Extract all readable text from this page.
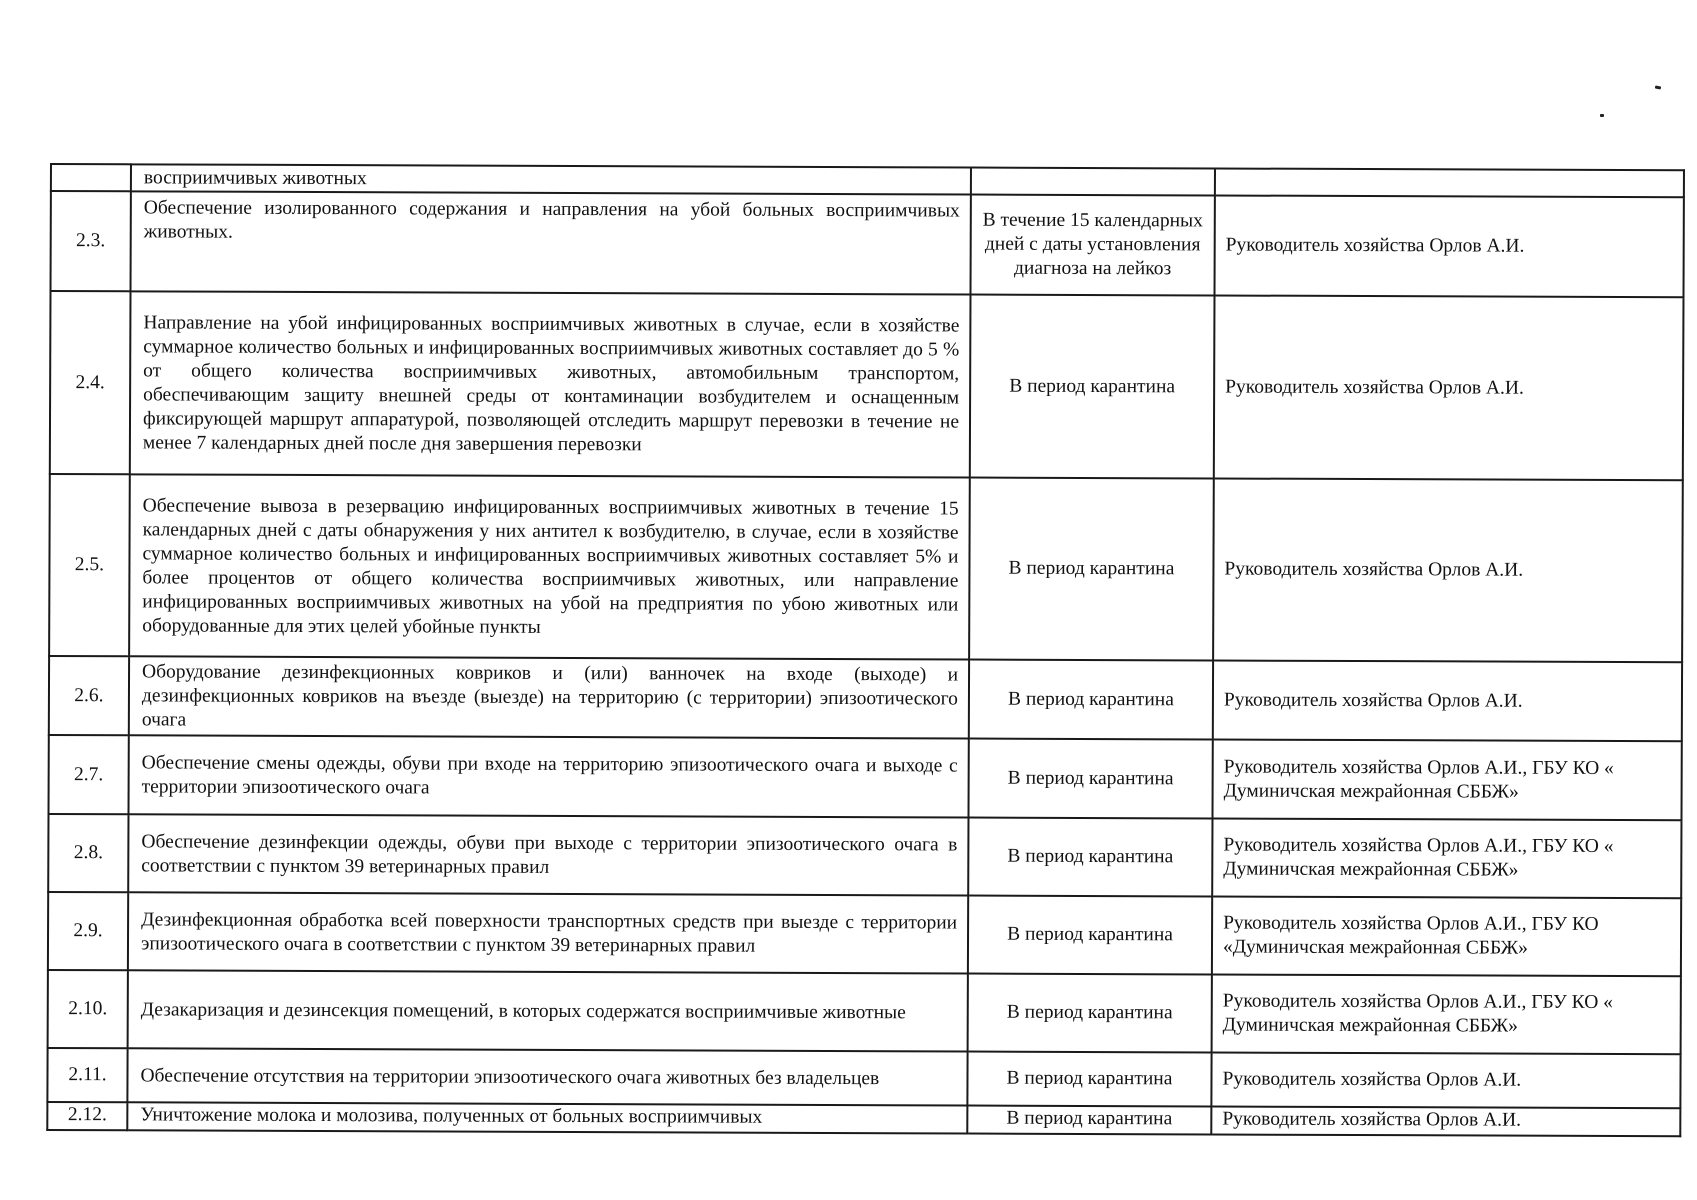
	восприимчивых животных		
2.3.	Обеспечение изолированного содержания и направления на убой больных восприимчивых животных.	В течение 15 календарных дней с даты установления диагноза на лейкоз	Руководитель хозяйства Орлов А.И.
2.4.	Направление на убой инфицированных восприимчивых животных в случае, если в хозяйстве суммарное количество больных и инфицированных восприимчивых животных составляет до 5 % от общего количества восприимчивых животных, автомобильным транспортом, обеспечивающим защиту внешней среды от контаминации возбудителем и оснащенным фиксирующей маршрут аппаратурой, позволяющей отследить маршрут перевозки в течение не менее 7 календарных дней после дня завершения перевозки	В период карантина	Руководитель хозяйства Орлов А.И.
2.5.	Обеспечение вывоза в резервацию инфицированных восприимчивых животных в течение 15 календарных дней с даты обнаружения у них антител к возбудителю, в случае, если в хозяйстве суммарное количество больных и инфицированных восприимчивых животных составляет 5% и более процентов от общего количества восприимчивых животных, или направление инфицированных восприимчивых животных на убой на предприятия по убою животных или оборудованные для этих целей убойные пункты	В период карантина	Руководитель хозяйства Орлов А.И.
2.6.	Оборудование дезинфекционных ковриков и (или) ванночек на входе (выходе) и дезинфекционных ковриков на въезде (выезде) на территорию (с территории) эпизоотического очага	В период карантина	Руководитель хозяйства Орлов А.И.
2.7.	Обеспечение смены одежды, обуви при входе на территорию эпизоотического очага и выходе с территории эпизоотического очага	В период карантина	Руководитель хозяйства Орлов А.И., ГБУ КО « Думиничская межрайонная СББЖ»
2.8.	Обеспечение дезинфекции одежды, обуви при выходе с территории эпизоотического очага в соответствии с пунктом 39 ветеринарных правил	В период карантина	Руководитель хозяйства Орлов А.И., ГБУ КО « Думиничская межрайонная СББЖ»
2.9.	Дезинфекционная обработка всей поверхности транспортных средств при выезде с территории эпизоотического очага в соответствии с пунктом 39 ветеринарных правил	В период карантина	Руководитель хозяйства Орлов А.И., ГБУ КО «Думиничская межрайонная СББЖ»
2.10.	Дезакаризация и дезинсекция помещений, в которых содержатся восприимчивые животные	В период карантина	Руководитель хозяйства Орлов А.И., ГБУ КО « Думиничская межрайонная СББЖ»
2.11.	Обеспечение отсутствия на территории эпизоотического очага животных без владельцев	В период карантина	Руководитель хозяйства Орлов А.И.
2.12.	Уничтожение молока и молозива, полученных от больных восприимчивых	В период карантина	Руководитель хозяйства Орлов А.И.
